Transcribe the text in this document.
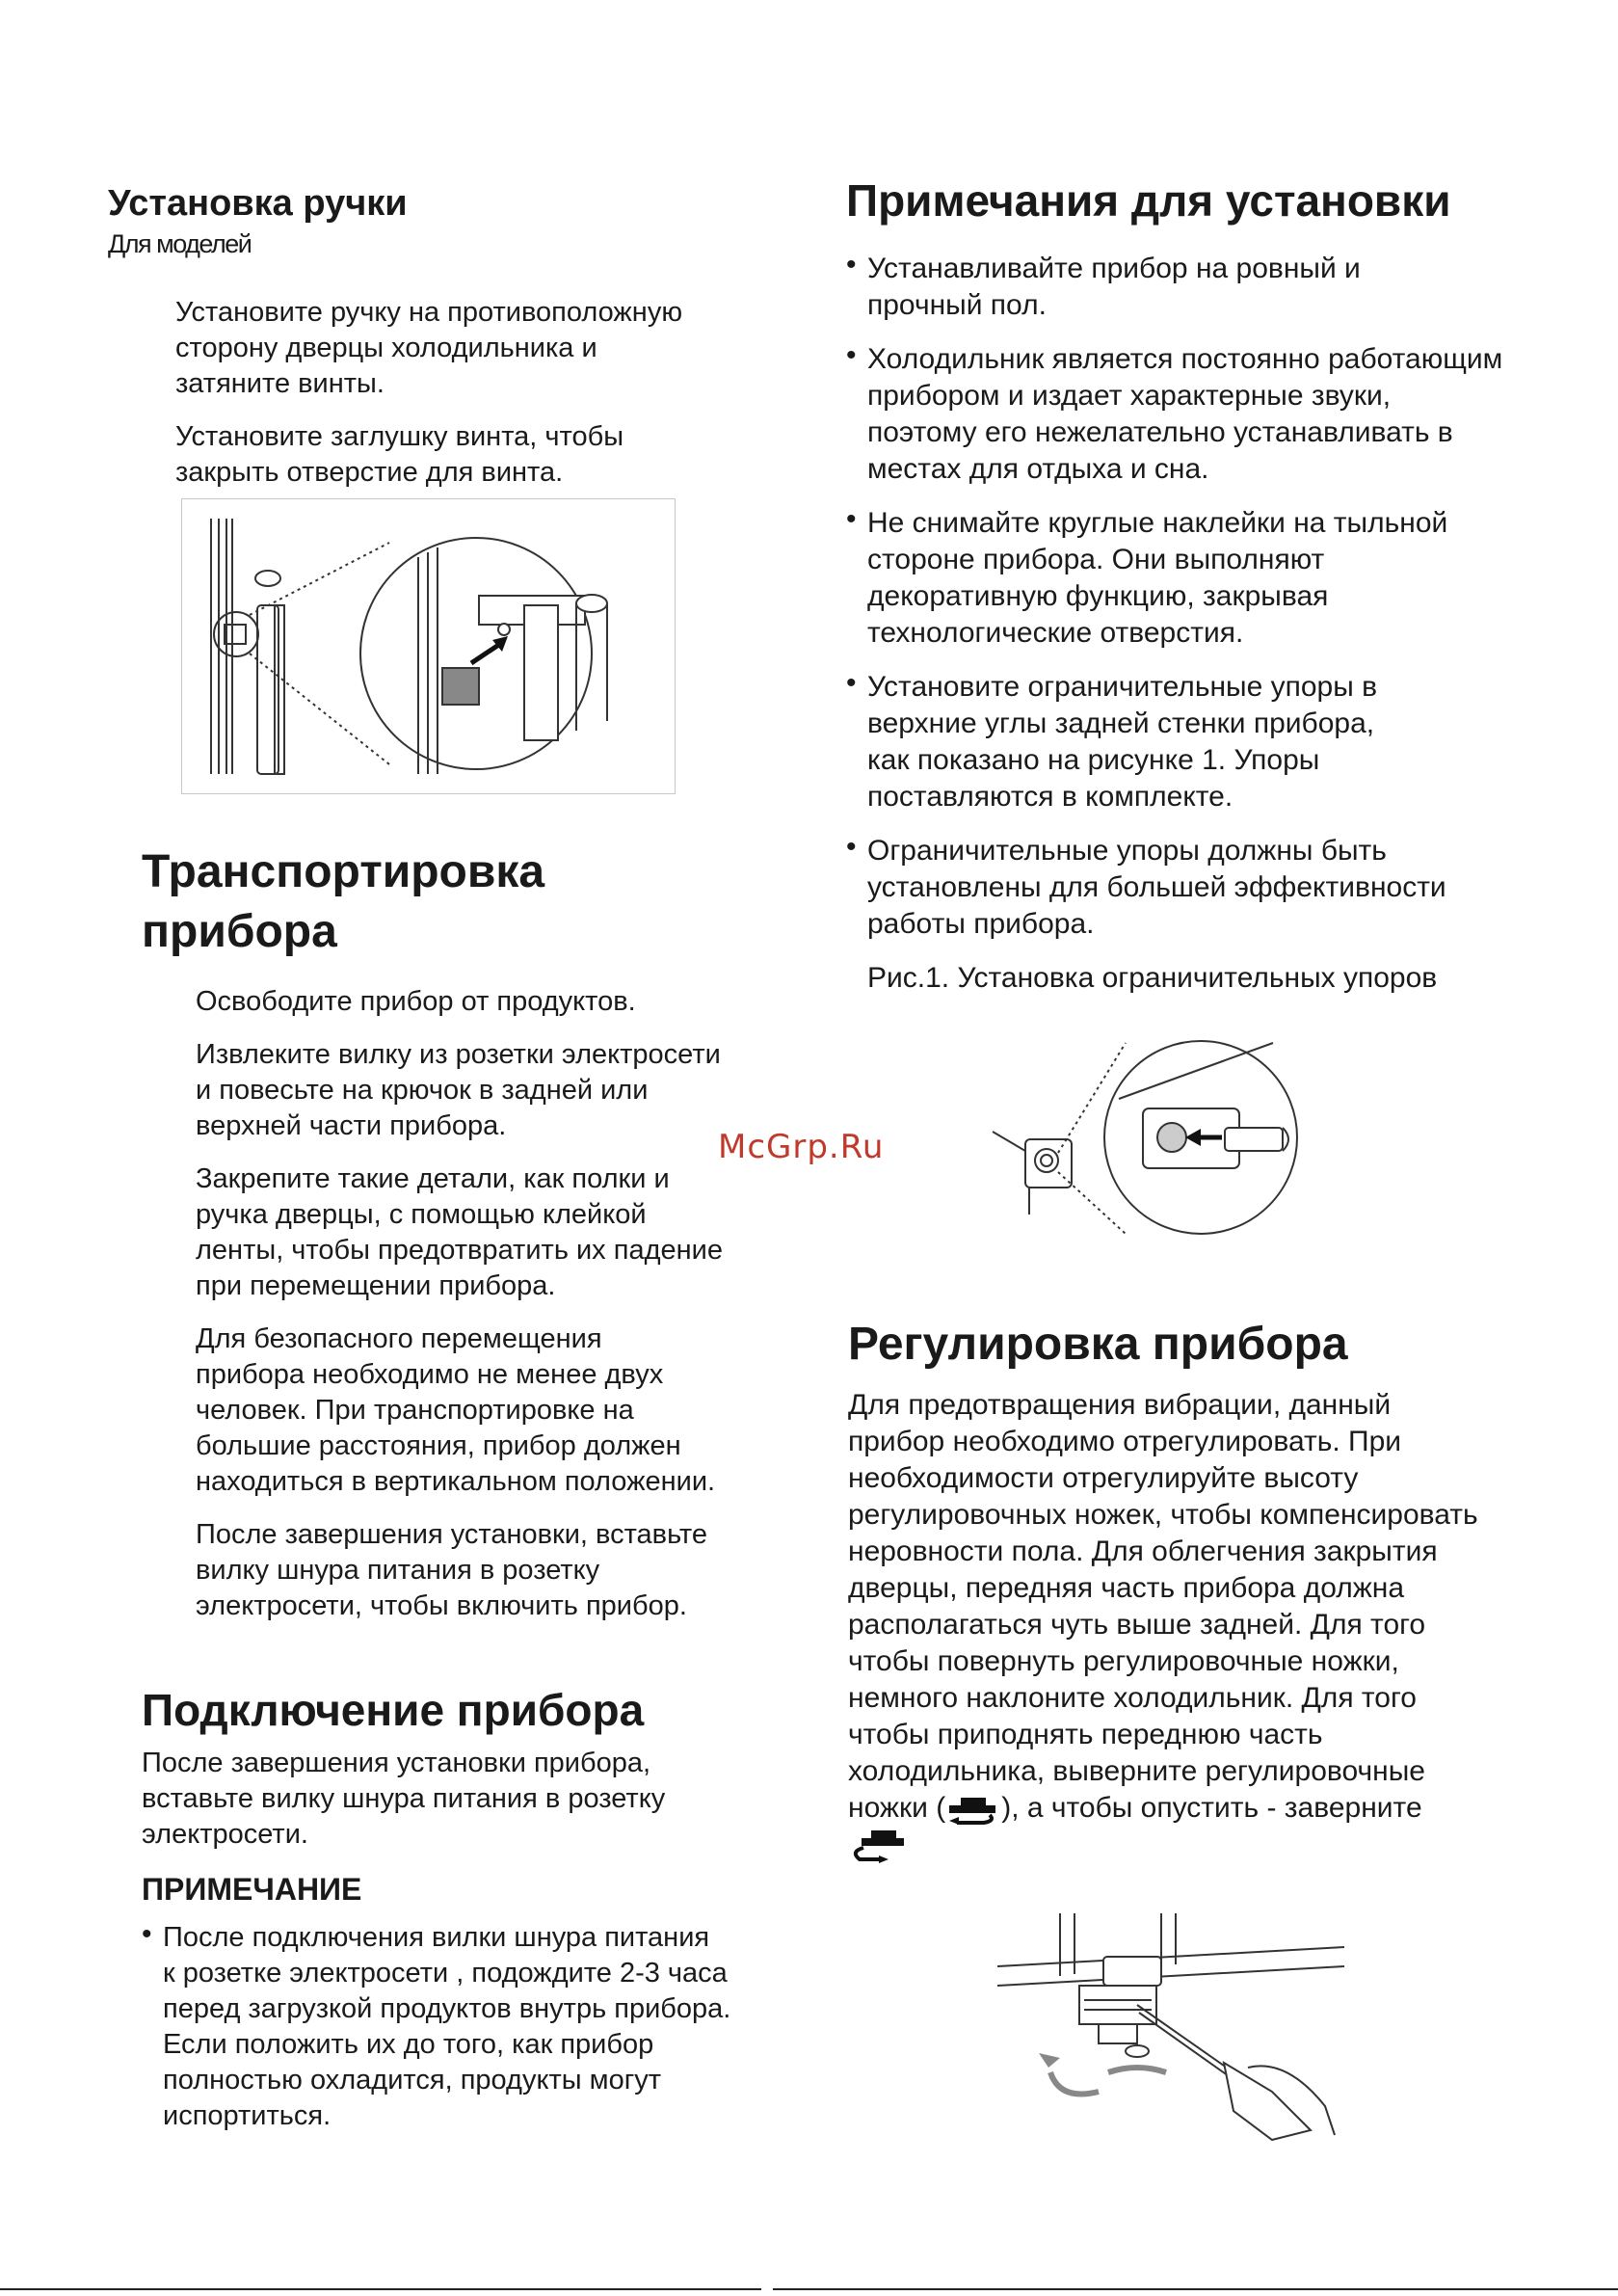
Установка ручки
Для моделей

Установите ручку на противоположную
сторону дверцы холодильника и
затяните винты.

Установите заглушку винта, чтобы
закрыть отверстие для винта.

Транспортировка
прибора

Освободите прибор от продуктов.

Извлеките вилку из розетки электросети
и повесьте на крючок в задней или
верхней части прибора.

Закрепите такие детали, как полки и
ручка дверцы, с помощью клейкой
ленты, чтобы предотвратить их падение
при перемещении прибора.

Для безопасного перемещения
прибора необходимо не менее двух
человек. При транспортировке на
большие расстояния, прибор должен
находиться в вертикальном положении.

После завершения установки, вставьте
вилку шнура питания в розетку
электросети, чтобы включить прибор.

Подключение прибора

После завершения установки прибора,
вставьте вилку шнура питания в розетку
электросети.

ПРИМЕЧАНИЕ
• После подключения вилки шнура питания
к розетке электросети , подождите 2-3 часа
перед загрузкой продуктов внутрь прибора.
Если положить их до того, как прибор
полностью охладится, продукты могут
испортиться.
Примечания для установки
• Устанавливайте прибор на ровный и
прочный пол.
• Холодильник является постоянно работающим
прибором и издает характерные звуки,
поэтому его нежелательно устанавливать в
местах для отдыха и сна.
• Не снимайте круглые наклейки на тыльной
стороне прибора. Они выполняют
декоративную функцию, закрывая
технологические отверстия.
• Установите ограничительные упоры в
верхние углы задней стенки прибора,
как показано на рисунке 1. Упоры
поставляются в комплекте.
• Ограничительные упоры должны быть
установлены для большей эффективности
работы прибора.

Рис.1. Установка ограничительных упоров

McGrp.Ru
Регулировка прибора

Для предотвращения вибрации, данный
прибор необходимо отрегулировать. При
необходимости отрегулируйте высоту
регулировочных ножек, чтобы компенсировать
неровности пола. Для облегчения закрытия
дверцы, передняя часть прибора должна
располагаться чуть выше задней. Для того
чтобы повернуть регулировочные ножки,
немного наклоните холодильник. Для того
чтобы приподнять переднюю часть
холодильника, выверните регулировочные

ножки ( ), а чтобы опустить - заверните
